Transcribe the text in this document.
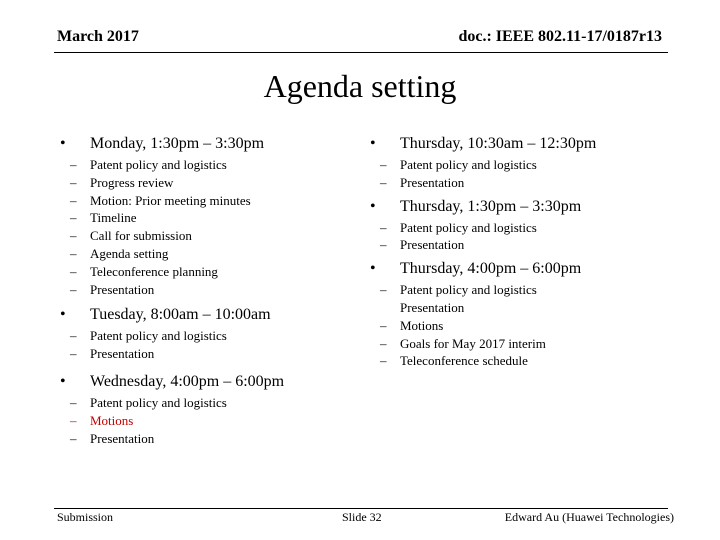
March 2017	doc.: IEEE 802.11-17/0187r13
Agenda setting
• Monday, 1:30pm – 3:30pm
– Patent policy and logistics
– Progress review
– Motion: Prior meeting minutes
– Timeline
– Call for submission
– Agenda setting
– Teleconference planning
– Presentation
• Tuesday, 8:00am – 10:00am
– Patent policy and logistics
– Presentation
• Wednesday, 4:00pm – 6:00pm
– Patent policy and logistics
– Motions
– Presentation
• Thursday, 10:30am – 12:30pm
– Patent policy and logistics
– Presentation
• Thursday, 1:30pm – 3:30pm
– Patent policy and logistics
– Presentation
• Thursday, 4:00pm – 6:00pm
– Patent policy and logistics
Presentation
– Motions
– Goals for May 2017 interim
– Teleconference schedule
Submission	Slide 32	Edward Au (Huawei Technologies)
